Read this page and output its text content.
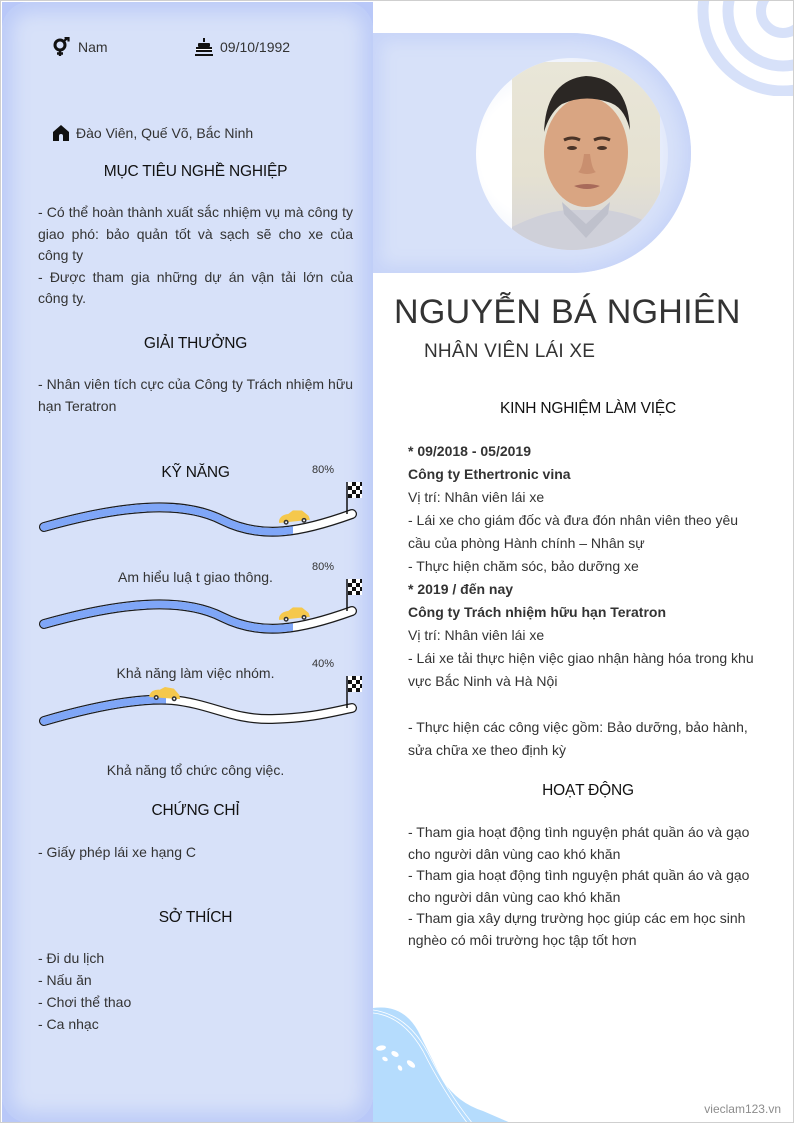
Nam	09/10/1992
Đào Viên, Quế Võ, Bắc Ninh
MỤC TIÊU NGHỀ NGHIỆP
- Có thể hoàn thành xuất sắc nhiệm vụ mà công ty giao phó: bảo quản tốt và sạch sẽ cho xe của công ty
- Được tham gia những dự án vận tải lớn của công ty.
GIẢI THƯỞNG
- Nhân viên tích cực của Công ty Trách nhiệm hữu hạn Teratron
KỸ NĂNG	80%
Am hiểu luậ t giao thông.
80%
Khả năng làm việc nhóm.
40%
Khả năng tổ chức công việc.
CHỨNG CHỈ
- Giấy phép lái xe hạng C
SỞ THÍCH
- Đi du lịch
- Nấu ăn
- Chơi thể thao
- Ca nhạc
NGUYỄN BÁ NGHIÊN
NHÂN VIÊN LÁI XE
KINH NGHIỆM LÀM VIỆC
* 09/2018 - 05/2019
Công ty Ethertronic vina
Vị trí: Nhân viên lái xe
- Lái xe cho giám đốc và đưa đón nhân viên theo yêu
cầu của phòng Hành chính – Nhân sự
- Thực hiện chăm sóc, bảo dưỡng xe
* 2019 / đến nay
Công ty Trách nhiệm hữu hạn Teratron
Vị trí: Nhân viên lái xe
- Lái xe tải thực hiện việc giao nhận hàng hóa trong khu
vực Bắc Ninh và Hà Nội

- Thực hiện các công việc gồm: Bảo dưỡng, bảo hành,
sửa chữa xe theo định kỳ
HOẠT ĐỘNG
- Tham gia hoạt động tình nguyện phát quần áo và gạo cho người dân vùng cao khó khăn
- Tham gia hoạt động tình nguyện phát quần áo và gạo cho người dân vùng cao khó khăn
- Tham gia xây dựng trường học giúp các em học sinh nghèo có môi trường học tập tốt hơn
vieclam123.vn
